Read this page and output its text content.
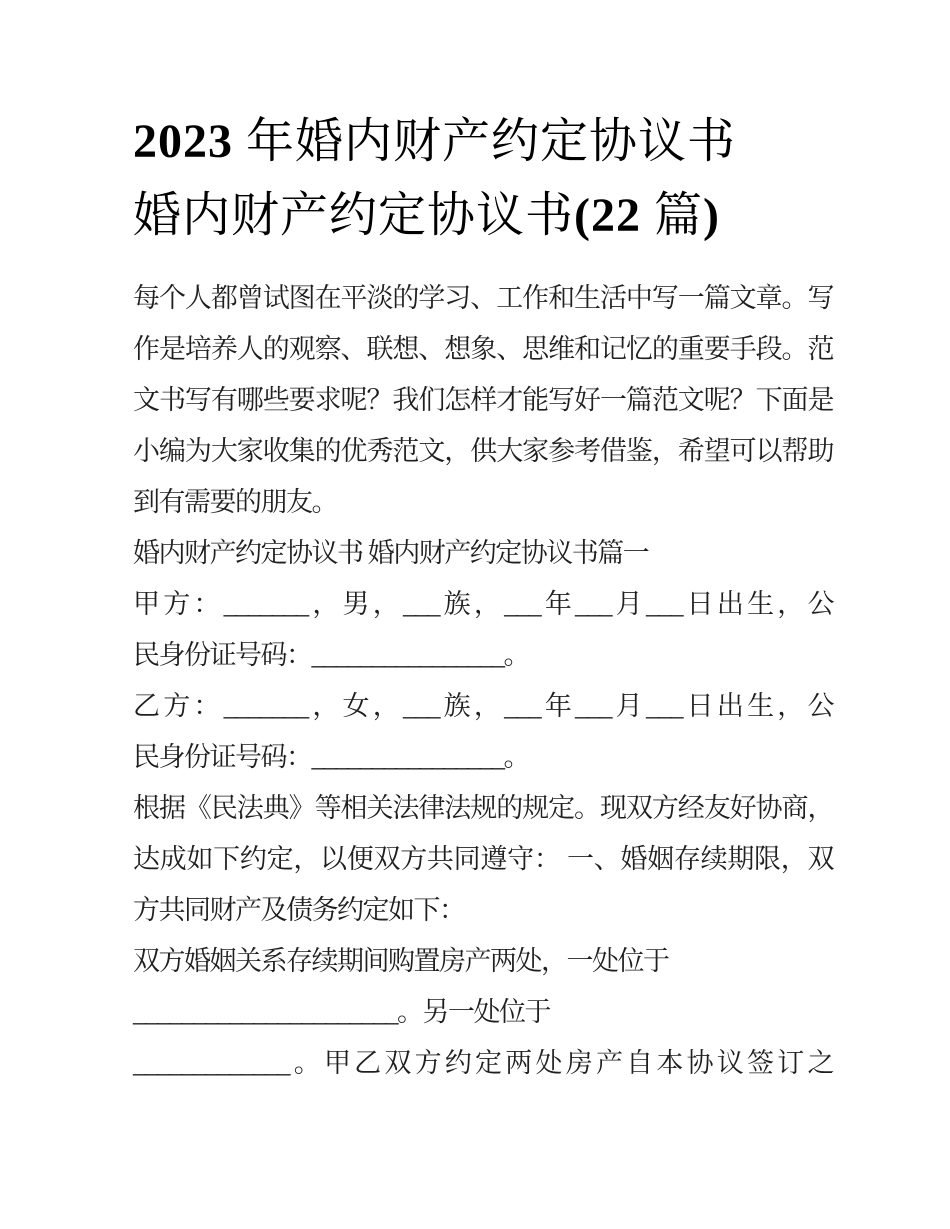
2023 年婚内财产约定协议书
婚内财产约定协议书(22 篇)
每个人都曾试图在平淡的学习、工作和生活中写一篇文章。写
作是培养人的观察、联想、想象、思维和记忆的重要手段。范
文书写有哪些要求呢？我们怎样才能写好一篇范文呢？下面是
小编为大家收集的优秀范文，供大家参考借鉴，希望可以帮助
到有需要的朋友。
婚内财产约定协议书 婚内财产约定协议书篇一
甲方：_______，男，___族，___年___月___日出生，公
民身份证号码：________________。
乙方：_______，女，___族，___年___月___日出生，公
民身份证号码：________________。
根据《民法典》等相关法律法规的规定。现双方经友好协商，
达成如下约定，以便双方共同遵守： 一、婚姻存续期限，双
方共同财产及债务约定如下：
双方婚姻关系存续期间购置房产两处，一处位于
______________________。另一处位于
_____________。甲乙双方约定两处房产自本协议签订之
